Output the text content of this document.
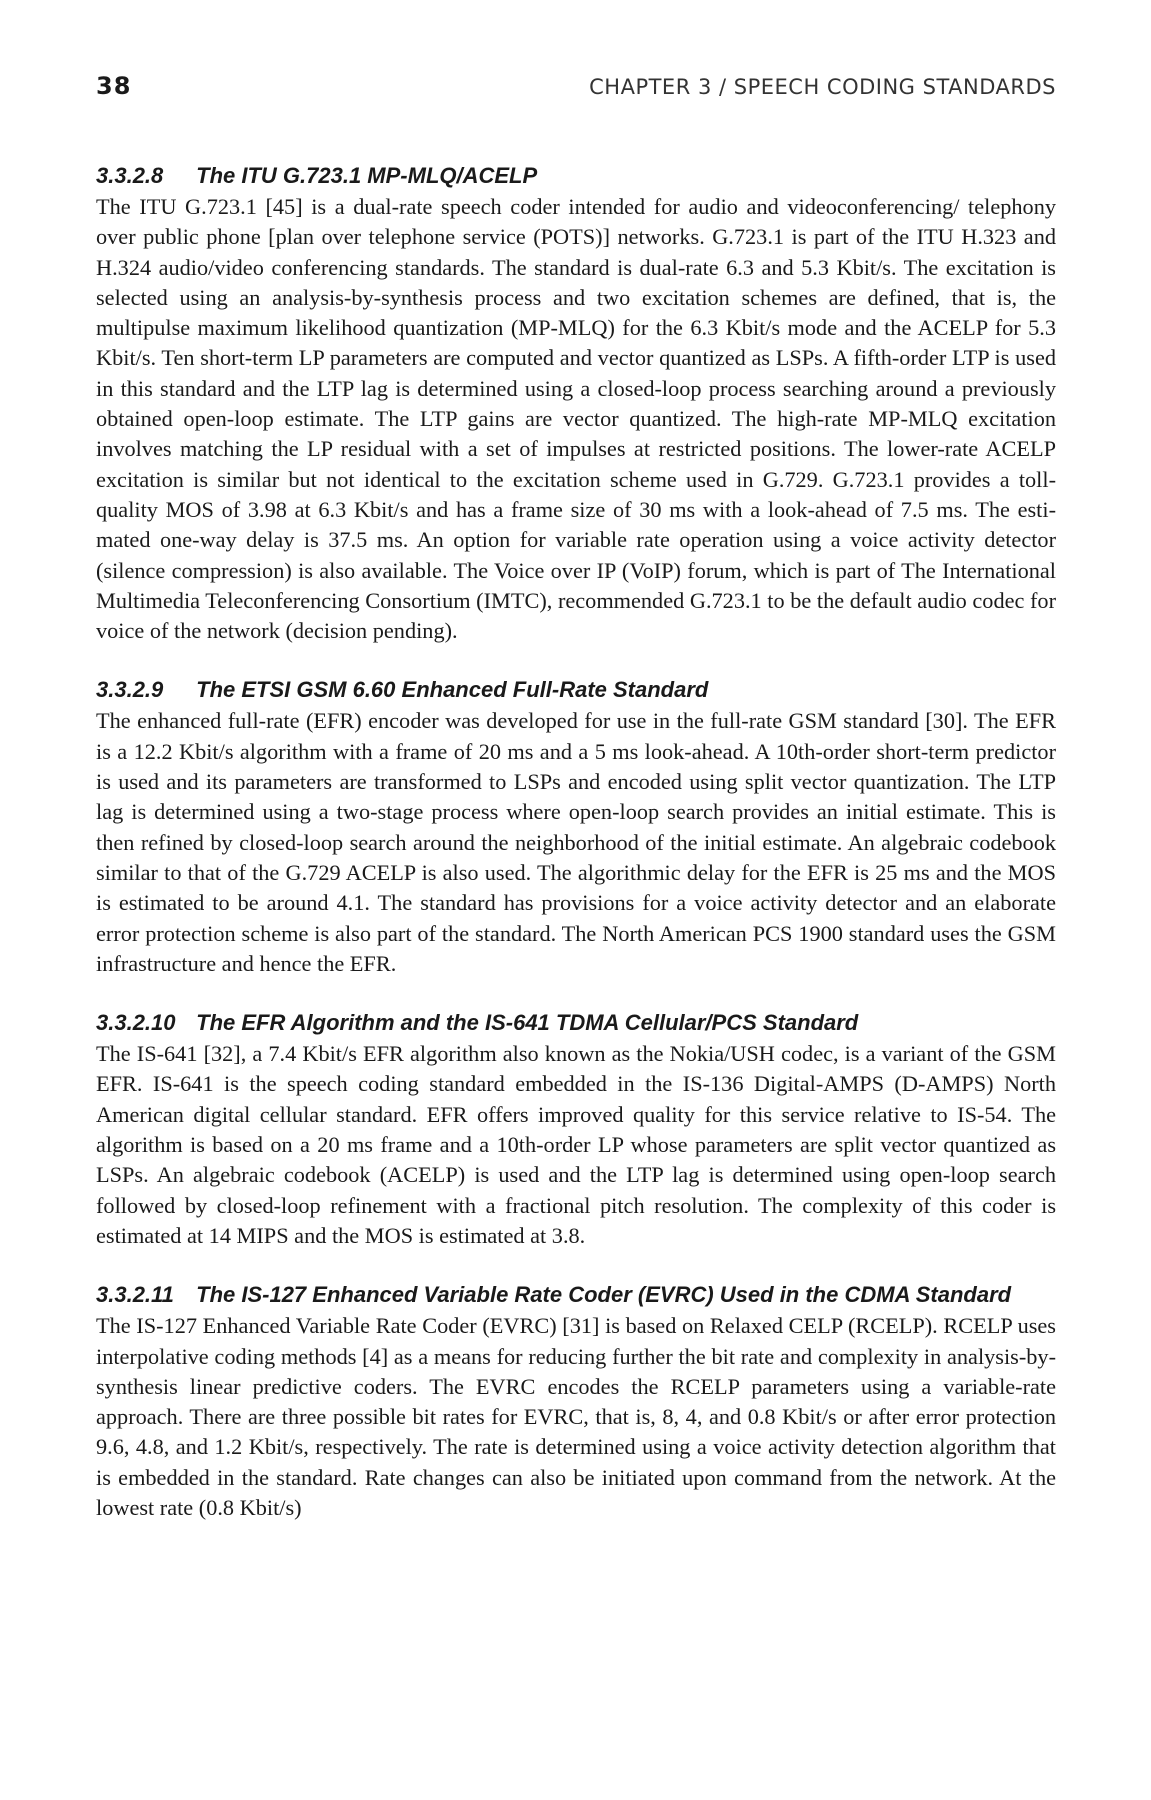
38	CHAPTER 3 / SPEECH CODING STANDARDS
3.3.2.8 The ITU G.723.1 MP-MLQ/ACELP

The ITU G.723.1 [45] is a dual-rate speech coder intended for audio and videoconferencing/ telephony over public phone [plan over telephone service (POTS)] networks. G.723.1 is part of the ITU H.323 and H.324 audio/video conferencing standards. The standard is dual-rate 6.3 and 5.3 Kbit/s. The excitation is selected using an analysis-by-synthesis process and two excitation schemes are defined, that is, the multipulse maximum likelihood quantization (MP-MLQ) for the 6.3 Kbit/s mode and the ACELP for 5.3 Kbit/s. Ten short-term LP parameters are computed and vector quantized as LSPs. A fifth-order LTP is used in this standard and the LTP lag is determined using a closed-loop process searching around a previously obtained open-loop estimate. The LTP gains are vector quantized. The high-rate MP-MLQ excitation involves matching the LP residual with a set of impulses at restricted positions. The lower-rate ACELP excitation is similar but not identical to the excitation scheme used in G.729. G.723.1 provides a toll-quality MOS of 3.98 at 6.3 Kbit/s and has a frame size of 30 ms with a look-ahead of 7.5 ms. The estimated one-way delay is 37.5 ms. An option for variable rate operation using a voice activity detector (silence compression) is also available. The Voice over IP (VoIP) forum, which is part of The International Multimedia Teleconferencing Consortium (IMTC), recommended G.723.1 to be the default audio codec for voice of the network (decision pending).

3.3.2.9 The ETSI GSM 6.60 Enhanced Full-Rate Standard

The enhanced full-rate (EFR) encoder was developed for use in the full-rate GSM standard [30]. The EFR is a 12.2 Kbit/s algorithm with a frame of 20 ms and a 5 ms look-ahead. A 10th-order short-term predictor is used and its parameters are transformed to LSPs and encoded using split vector quantization. The LTP lag is determined using a two-stage process where open-loop search provides an initial estimate. This is then refined by closed-loop search around the neighborhood of the initial estimate. An algebraic codebook similar to that of the G.729 ACELP is also used. The algorithmic delay for the EFR is 25 ms and the MOS is estimated to be around 4.1. The standard has provisions for a voice activity detector and an elaborate error protection scheme is also part of the standard. The North American PCS 1900 standard uses the GSM infrastructure and hence the EFR.

3.3.2.10 The EFR Algorithm and the IS-641 TDMA Cellular/PCS Standard

The IS-641 [32], a 7.4 Kbit/s EFR algorithm also known as the Nokia/USH codec, is a variant of the GSM EFR. IS-641 is the speech coding standard embedded in the IS-136 Digital-AMPS (D-AMPS) North American digital cellular standard. EFR offers improved quality for this service relative to IS-54. The algorithm is based on a 20 ms frame and a 10th-order LP whose parameters are split vector quantized as LSPs. An algebraic codebook (ACELP) is used and the LTP lag is determined using open-loop search followed by closed-loop refinement with a fractional pitch resolution. The complexity of this coder is estimated at 14 MIPS and the MOS is estimated at 3.8.

3.3.2.11 The IS-127 Enhanced Variable Rate Coder (EVRC) Used in the CDMA Standard

The IS-127 Enhanced Variable Rate Coder (EVRC) [31] is based on Relaxed CELP (RCELP). RCELP uses interpolative coding methods [4] as a means for reducing further the bit rate and complexity in analysis-by-synthesis linear predictive coders. The EVRC encodes the RCELP parameters using a variable-rate approach. There are three possible bit rates for EVRC, that is, 8, 4, and 0.8 Kbit/s or after error protection 9.6, 4.8, and 1.2 Kbit/s, respectively. The rate is determined using a voice activity detection algorithm that is embedded in the standard. Rate changes can also be initiated upon command from the network. At the lowest rate (0.8 Kbit/s)
